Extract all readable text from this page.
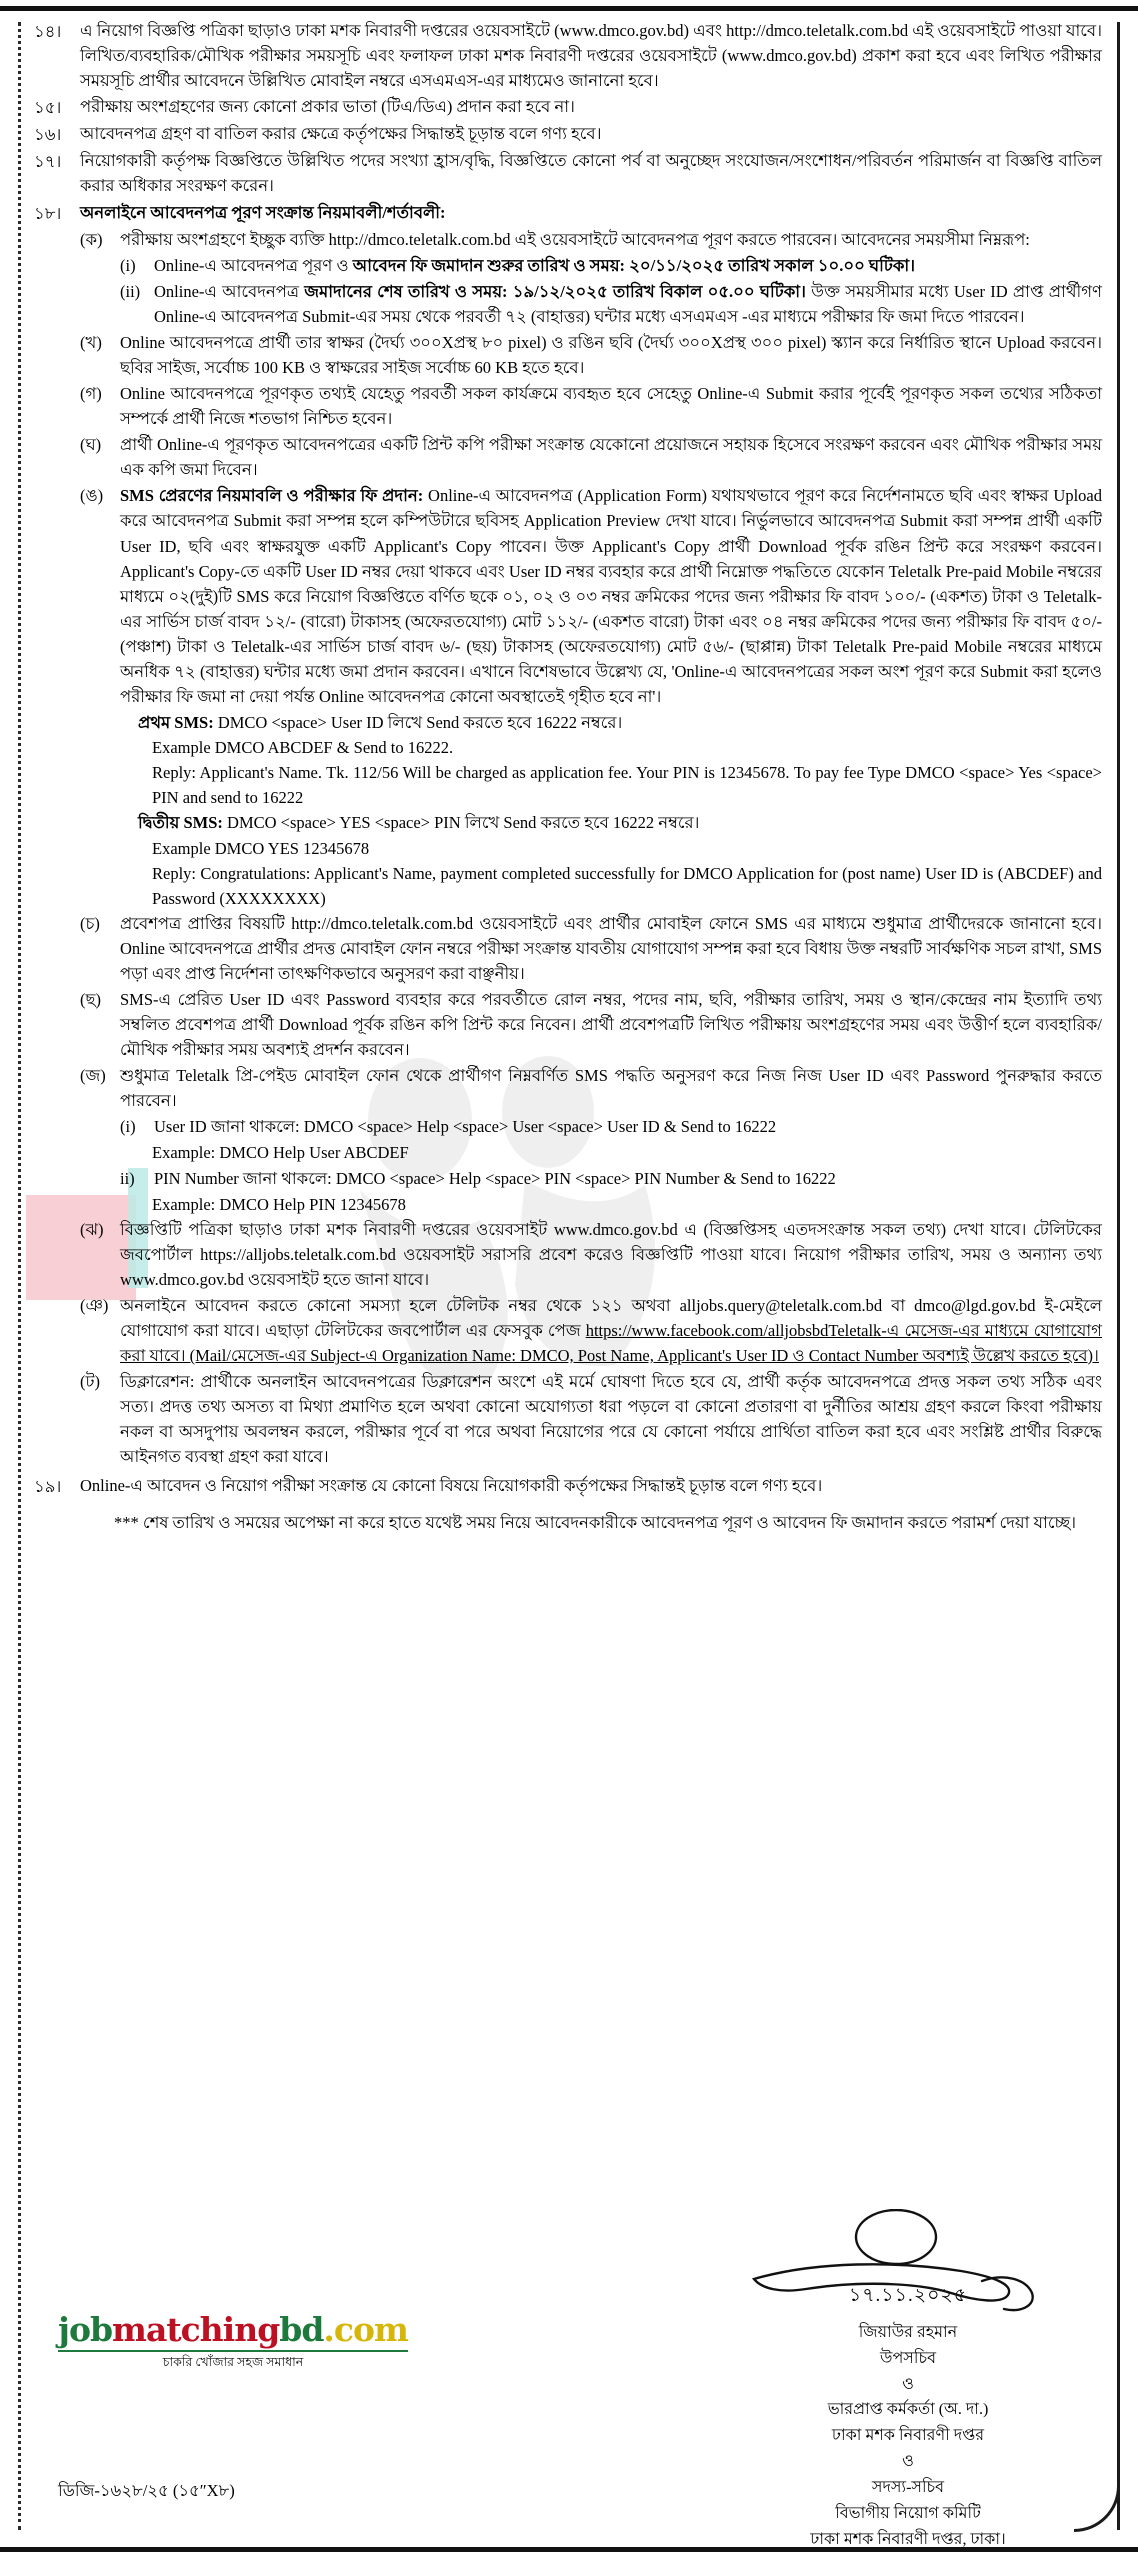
১৪।	এ নিয়োগ বিজ্ঞপ্তি পত্রিকা ছাড়াও ঢাকা মশক নিবারণী দপ্তরের ওয়েবসাইটে (www.dmco.gov.bd) এবং http://dmco.teletalk.com.bd এই ওয়েবসাইটে পাওয়া যাবে। লিখিত/ব্যবহারিক/মৌখিক পরীক্ষার সময়সূচি এবং ফলাফল ঢাকা মশক নিবারণী দপ্তরের ওয়েবসাইটে (www.dmco.gov.bd) প্রকাশ করা হবে এবং লিখিত পরীক্ষার সময়সূচি প্রার্থীর আবেদনে উল্লিখিত মোবাইল নম্বরে এসএমএস-এর মাধ্যমেও জানানো হবে।
১৫।	পরীক্ষায় অংশগ্রহণের জন্য কোনো প্রকার ভাতা (টিএ/ডিএ) প্রদান করা হবে না।
১৬।	আবেদনপত্র গ্রহণ বা বাতিল করার ক্ষেত্রে কর্তৃপক্ষের সিদ্ধান্তই চূড়ান্ত বলে গণ্য হবে।
১৭।	নিয়োগকারী কর্তৃপক্ষ বিজ্ঞপ্তিতে উল্লিখিত পদের সংখ্যা হ্রাস/বৃদ্ধি, বিজ্ঞপ্তিতে কোনো পর্ব বা অনুচ্ছেদ সংযোজন/সংশোধন/পরিবর্তন পরিমার্জন বা বিজ্ঞপ্তি বাতিল করার অধিকার সংরক্ষণ করেন।
১৮।	অনলাইনে আবেদনপত্র পূরণ সংক্রান্ত নিয়মাবলী/শর্তাবলী:
(ক)	পরীক্ষায় অংশগ্রহণে ইচ্ছুক ব্যক্তি http://dmco.teletalk.com.bd এই ওয়েবসাইটে আবেদনপত্র পূরণ করতে পারবেন। আবেদনের সময়সীমা নিম্নরূপ:
(i)	Online-এ আবেদনপত্র পূরণ ও আবেদন ফি জমাদান শুরুর তারিখ ও সময়: ২০/১১/২০২৫ তারিখ সকাল ১০.০০ ঘটিকা।
(ii) Online-এ আবেদনপত্র জমাদানের শেষ তারিখ ও সময়: ১৯/১২/২০২৫ তারিখ বিকাল ০৫.০০ ঘটিকা। উক্ত সময়সীমার মধ্যে User ID প্রাপ্ত প্রার্থীগণ Online-এ আবেদনপত্র Submit-এর সময় থেকে পরবর্তী ৭২ (বাহাত্তর) ঘন্টার মধ্যে এসএমএস -এর মাধ্যমে পরীক্ষার ফি জমা দিতে পারবেন।
(খ)	Online আবেদনপত্রে প্রার্থী তার স্বাক্ষর (দৈর্ঘ্য ৩০০Xপ্রস্থ ৮০ pixel) ও রঙিন ছবি (দৈর্ঘ্য ৩০০Xপ্রস্থ ৩০০ pixel) স্ক্যান করে নির্ধারিত স্থানে Upload করবেন। ছবির সাইজ, সর্বোচ্চ 100 KB ও স্বাক্ষরের সাইজ সর্বোচ্চ 60 KB হতে হবে।
(গ)	Online আবেদনপত্রে পূরণকৃত তথ্যই যেহেতু পরবর্তী সকল কার্যক্রমে ব্যবহৃত হবে সেহেতু Online-এ Submit করার পূর্বেই পূরণকৃত সকল তথ্যের সঠিকতা সম্পর্কে প্রার্থী নিজে শতভাগ নিশ্চিত হবেন।
(ঘ)	প্রার্থী Online-এ পূরণকৃত আবেদনপত্রের একটি প্রিন্ট কপি পরীক্ষা সংক্রান্ত যেকোনো প্রয়োজনে সহায়ক হিসেবে সংরক্ষণ করবেন এবং মৌখিক পরীক্ষার সময় এক কপি জমা দিবেন।
(ঙ)	SMS প্রেরণের নিয়মাবলি ও পরীক্ষার ফি প্রদান: Online-এ আবেদনপত্র (Application Form) যথাযথভাবে পূরণ করে নির্দেশনামতে ছবি এবং স্বাক্ষর Upload করে আবেদনপত্র Submit করা সম্পন্ন হলে কম্পিউটারে ছবিসহ Application Preview দেখা যাবে। নির্ভুলভাবে আবেদনপত্র Submit করা সম্পন্ন প্রার্থী একটি User ID, ছবি এবং স্বাক্ষরযুক্ত একটি Applicant's Copy পাবেন। উক্ত Applicant's Copy প্রার্থী Download পূর্বক রঙিন প্রিন্ট করে সংরক্ষণ করবেন। Applicant's Copy-তে একটি User ID নম্বর দেয়া থাকবে এবং User ID নম্বর ব্যবহার করে প্রার্থী নিম্নোক্ত পদ্ধতিতে যেকোন Teletalk Pre-paid Mobile নম্বরের মাধ্যমে ০২(দুই)টি SMS করে নিয়োগ বিজ্ঞপ্তিতে বর্ণিত ছকে ০১, ০২ ও ০৩ নম্বর ক্রমিকের পদের জন্য পরীক্ষার ফি বাবদ ১০০/- (একশত) টাকা ও Teletalk-এর সার্ভিস চার্জ বাবদ ১২/- (বারো) টাকাসহ (অফেরতযোগ্য) মোট ১১২/- (একশত বারো) টাকা এবং ০৪ নম্বর ক্রমিকের পদের জন্য পরীক্ষার ফি বাবদ ৫০/- (পঞ্চাশ) টাকা ও Teletalk-এর সার্ভিস চার্জ বাবদ ৬/- (ছয়) টাকাসহ (অফেরতযোগ্য) মোট ৫৬/- (ছাপ্পান্ন) টাকা Teletalk Pre-paid Mobile নম্বরের মাধ্যমে অনধিক ৭২ (বাহাত্তর) ঘন্টার মধ্যে জমা প্রদান করবেন। এখানে বিশেষভাবে উল্লেখ্য যে, 'Online-এ আবেদনপত্রের সকল অংশ পূরণ করে Submit করা হলেও পরীক্ষার ফি জমা না দেয়া পর্যন্ত Online আবেদনপত্র কোনো অবস্থাতেই গৃহীত হবে না'।
প্রথম SMS: DMCO <space> User ID লিখে Send করতে হবে 16222 নম্বরে।
Example DMCO ABCDEF & Send to 16222.
Reply: Applicant's Name. Tk. 112/56 Will be charged as application fee. Your PIN is 12345678. To pay fee Type DMCO <space> Yes <space> PIN and send to 16222
দ্বিতীয় SMS: DMCO <space> YES <space> PIN লিখে Send করতে হবে 16222 নম্বরে।
Example DMCO YES 12345678
Reply: Congratulations: Applicant's Name, payment completed successfully for DMCO Application for (post name) User ID is (ABCDEF) and Password (XXXXXXXX)
(চ)	প্রবেশপত্র প্রাপ্তির বিষয়টি http://dmco.teletalk.com.bd ওয়েবসাইটে এবং প্রার্থীর মোবাইল ফোনে SMS এর মাধ্যমে শুধুমাত্র প্রার্থীদেরকে জানানো হবে। Online আবেদনপত্রে প্রার্থীর প্রদত্ত মোবাইল ফোন নম্বরে পরীক্ষা সংক্রান্ত যাবতীয় যোগাযোগ সম্পন্ন করা হবে বিধায় উক্ত নম্বরটি সার্বক্ষণিক সচল রাখা, SMS পড়া এবং প্রাপ্ত নির্দেশনা তাৎক্ষণিকভাবে অনুসরণ করা বাঞ্ছনীয়।
(ছ)	SMS-এ প্রেরিত User ID এবং Password ব্যবহার করে পরবর্তীতে রোল নম্বর, পদের নাম, ছবি, পরীক্ষার তারিখ, সময় ও স্থান/কেন্দ্রের নাম ইত্যাদি তথ্য সম্বলিত প্রবেশপত্র প্রার্থী Download পূর্বক রঙিন কপি প্রিন্ট করে নিবেন। প্রার্থী প্রবেশপত্রটি লিখিত পরীক্ষায় অংশগ্রহণের সময় এবং উত্তীর্ণ হলে ব্যবহারিক/মৌখিক পরীক্ষার সময় অবশ্যই প্রদর্শন করবেন।
(জ) শুধুমাত্র Teletalk প্রি-পেইড মোবাইল ফোন থেকে প্রার্থীগণ নিম্নবর্ণিত SMS পদ্ধতি অনুসরণ করে নিজ নিজ User ID এবং Password পুনরুদ্ধার করতে পারবেন।
(i)	User ID জানা থাকলে: DMCO <space> Help <space> User <space> User ID & Send to 16222
Example: DMCO Help User ABCDEF
ii)	PIN Number জানা থাকলে: DMCO <space> Help <space> PIN <space> PIN Number & Send to 16222
Example: DMCO Help PIN 12345678
(ঝ)	বিজ্ঞপ্তিটি পত্রিকা ছাড়াও ঢাকা মশক নিবারণী দপ্তরের ওয়েবসাইট www.dmco.gov.bd এ (বিজ্ঞপ্তিসহ এতদসংক্রান্ত সকল তথ্য) দেখা যাবে। টেলিটকের জবপোর্টাল https://alljobs.teletalk.com.bd ওয়েবসাইট সরাসরি প্রবেশ করেও বিজ্ঞপ্তিটি পাওয়া যাবে। নিয়োগ পরীক্ষার তারিখ, সময় ও অন্যান্য তথ্য www.dmco.gov.bd ওয়েবসাইট হতে জানা যাবে।
(ঞ) অনলাইনে আবেদন করতে কোনো সমস্যা হলে টেলিটক নম্বর থেকে ১২১ অথবা alljobs.query@teletalk.com.bd বা dmco@lgd.gov.bd ই-মেইলে যোগাযোগ করা যাবে। এছাড়া টেলিটকের জবপোর্টাল এর ফেসবুক পেজ https://www.facebook.com/alljobsbdTeletalk-এ মেসেজ-এর মাধ্যমে যোগাযোগ করা যাবে। (Mail/মেসেজ-এর Subject-এ Organization Name: DMCO, Post Name, Applicant's User ID ও Contact Number অবশ্যই উল্লেখ করতে হবে)।
(ট)	ডিক্লারেশন: প্রার্থীকে অনলাইন আবেদনপত্রের ডিক্লারেশন অংশে এই মর্মে ঘোষণা দিতে হবে যে, প্রার্থী কর্তৃক আবেদনপত্রে প্রদত্ত সকল তথ্য সঠিক এবং সত্য। প্রদত্ত তথ্য অসত্য বা মিথ্যা প্রমাণিত হলে অথবা কোনো অযোগ্যতা ধরা পড়লে বা কোনো প্রতারণা বা দুর্নীতির আশ্রয় গ্রহণ করলে কিংবা পরীক্ষায় নকল বা অসদুপায় অবলম্বন করলে, পরীক্ষার পূর্বে বা পরে অথবা নিয়োগের পরে যে কোনো পর্যায়ে প্রার্থিতা বাতিল করা হবে এবং সংশ্লিষ্ট প্রার্থীর বিরুদ্ধে আইনগত ব্যবস্থা গ্রহণ করা যাবে।
১৯।	Online-এ আবেদন ও নিয়োগ পরীক্ষা সংক্রান্ত যে কোনো বিষয়ে নিয়োগকারী কর্তৃপক্ষের সিদ্ধান্তই চূড়ান্ত বলে গণ্য হবে।
*** শেষ তারিখ ও সময়ের অপেক্ষা না করে হাতে যথেষ্ট সময় নিয়ে আবেদনকারীকে আবেদনপত্র পূরণ ও আবেদন ফি জমাদান করতে পরামর্শ দেয়া যাচ্ছে।
১৭.১১.২০২৫
জিয়াউর রহমান
উপসচিব
ও
ভারপ্রাপ্ত কর্মকর্তা (অ. দা.)
ঢাকা মশক নিবারণী দপ্তর
ও
সদস্য-সচিব
বিভাগীয় নিয়োগ কমিটি
ঢাকা মশক নিবারণী দপ্তর, ঢাকা।
jobmatchingbd.com
চাকরি খোঁজার সহজ সমাধান
ডিজি-১৬২৮/২৫ (১৫″X৮)
